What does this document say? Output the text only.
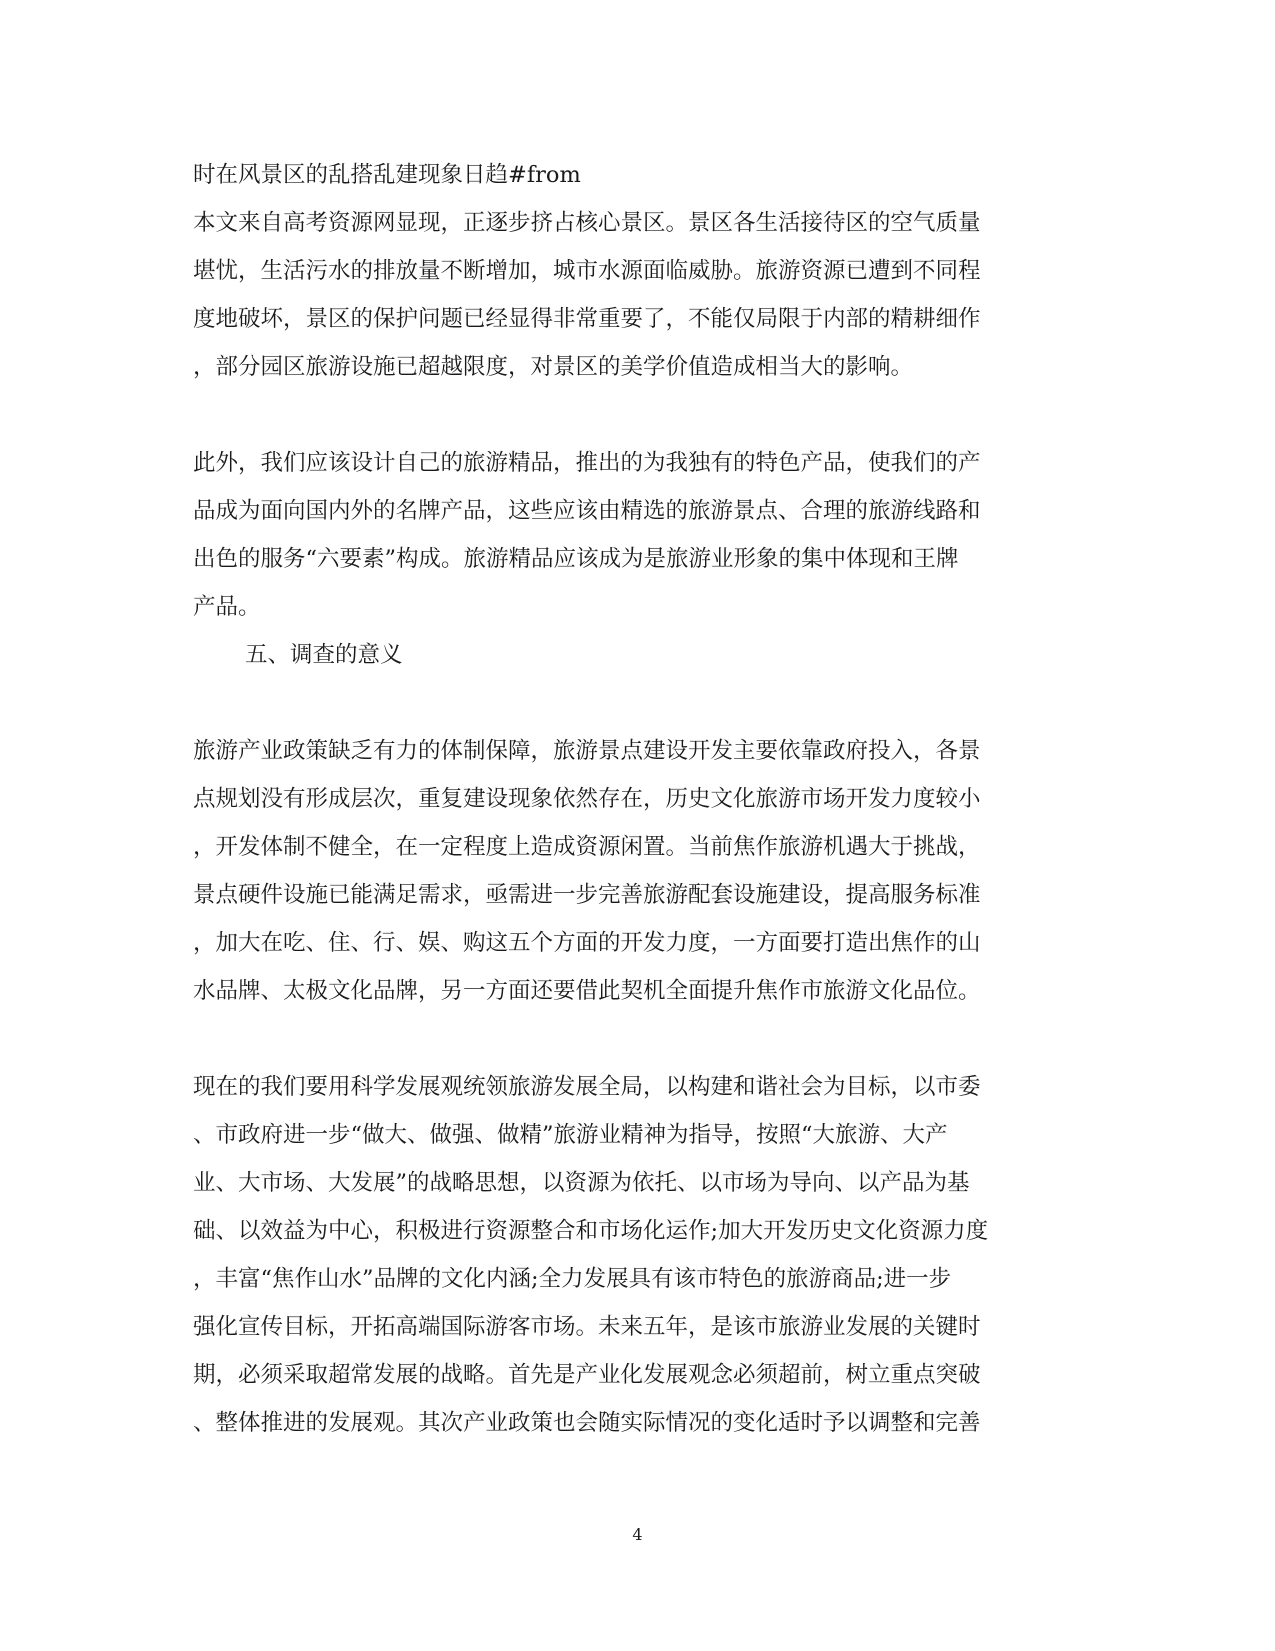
时在风景区的乱搭乱建现象日趋#from
本文来自高考资源网显现，正逐步挤占核心景区。景区各生活接待区的空气质量
堪忧，生活污水的排放量不断增加，城市水源面临威胁。旅游资源已遭到不同程
度地破坏，景区的保护问题已经显得非常重要了，不能仅局限于内部的精耕细作
，部分园区旅游设施已超越限度，对景区的美学价值造成相当大的影响。
此外，我们应该设计自己的旅游精品，推出的为我独有的特色产品，使我们的产
品成为面向国内外的名牌产品，这些应该由精选的旅游景点、合理的旅游线路和
出色的服务“六要素”构成。旅游精品应该成为是旅游业形象的集中体现和王牌
产品。
五、调查的意义
旅游产业政策缺乏有力的体制保障，旅游景点建设开发主要依靠政府投入，各景
点规划没有形成层次，重复建设现象依然存在，历史文化旅游市场开发力度较小
，开发体制不健全，在一定程度上造成资源闲置。当前焦作旅游机遇大于挑战，
景点硬件设施已能满足需求，亟需进一步完善旅游配套设施建设，提高服务标准
，加大在吃、住、行、娱、购这五个方面的开发力度，一方面要打造出焦作的山
水品牌、太极文化品牌，另一方面还要借此契机全面提升焦作市旅游文化品位。
现在的我们要用科学发展观统领旅游发展全局，以构建和谐社会为目标，以市委
、市政府进一步“做大、做强、做精”旅游业精神为指导，按照“大旅游、大产
业、大市场、大发展”的战略思想，以资源为依托、以市场为导向、以产品为基
础、以效益为中心，积极进行资源整合和市场化运作;加大开发历史文化资源力度
，丰富“焦作山水”品牌的文化内涵;全力发展具有该市特色的旅游商品;进一步
强化宣传目标，开拓高端国际游客市场。未来五年，是该市旅游业发展的关键时
期，必须采取超常发展的战略。首先是产业化发展观念必须超前，树立重点突破
、整体推进的发展观。其次产业政策也会随实际情况的变化适时予以调整和完善
4
